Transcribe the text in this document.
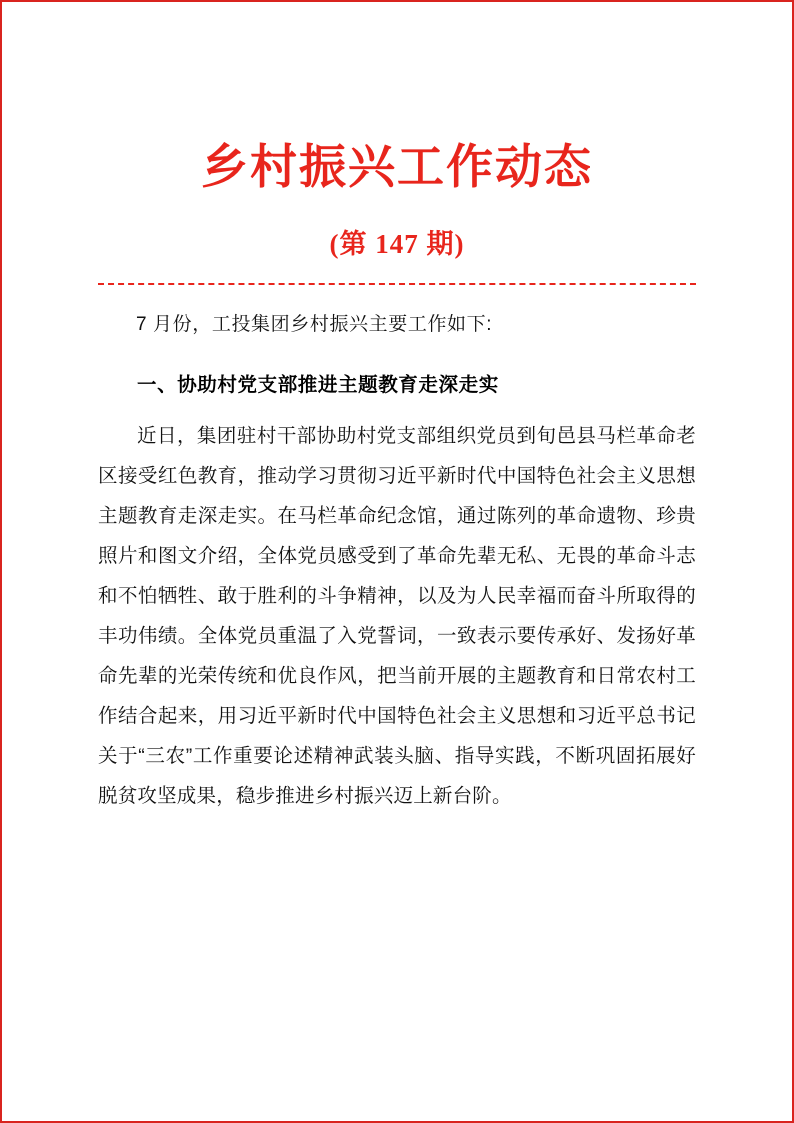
乡村振兴工作动态
(第 147 期)

7 月份，工投集团乡村振兴主要工作如下:

一、协助村党支部推进主题教育走深走实

近日，集团驻村干部协助村党支部组织党员到旬邑县马栏革命老区接受红色教育，推动学习贯彻习近平新时代中国特色社会主义思想主题教育走深走实。在马栏革命纪念馆，通过陈列的革命遗物、珍贵照片和图文介绍，全体党员感受到了革命先辈无私、无畏的革命斗志和不怕牺牲、敢于胜利的斗争精神，以及为人民幸福而奋斗所取得的丰功伟绩。全体党员重温了入党誓词，一致表示要传承好、发扬好革命先辈的光荣传统和优良作风，把当前开展的主题教育和日常农村工作结合起来，用习近平新时代中国特色社会主义思想和习近平总书记关于“三农”工作重要论述精神武装头脑、指导实践，不断巩固拓展好脱贫攻坚成果，稳步推进乡村振兴迈上新台阶。
